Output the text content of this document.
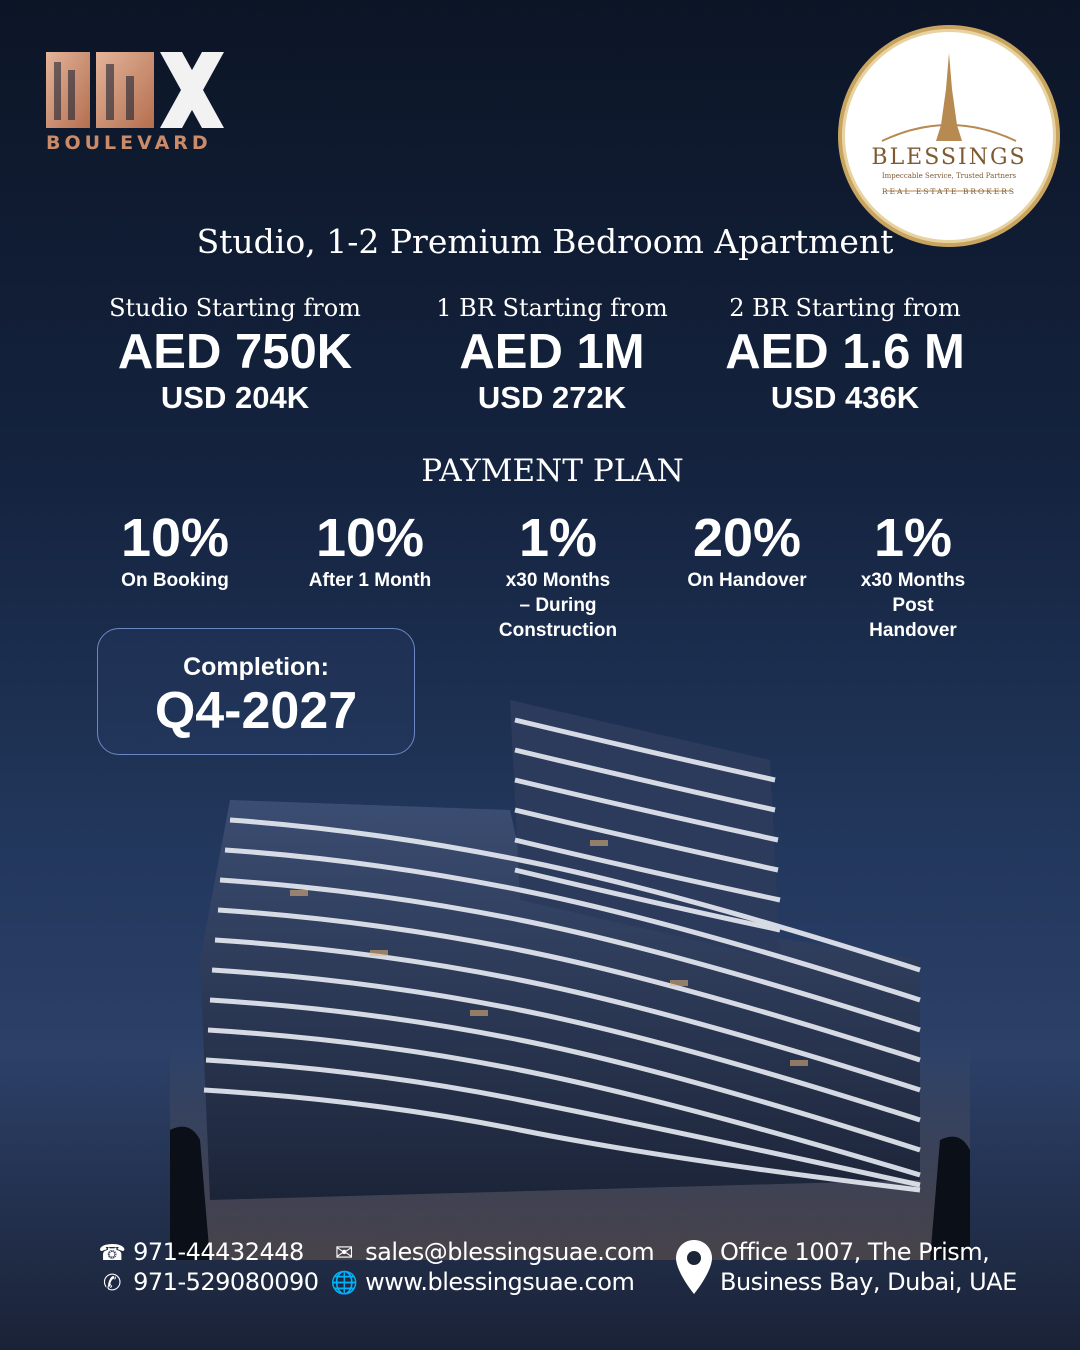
BOULEVARD
BLESSINGS
Impeccable Service, Trusted Partners
REAL ESTATE BROKERS
Studio, 1-2 Premium Bedroom Apartment
Studio Starting from
AED 750K
USD 204K
1 BR Starting from
AED 1M
USD 272K
2 BR Starting from
AED 1.6 M
USD 436K
PAYMENT PLAN
10%
On Booking
10%
After 1 Month
1%
x30 Months
– During
Construction
20%
On Handover
1%
x30 Months
Post
Handover
Completion:
Q4-2027
☎ 971-44432448
✆ 971-529080090
✉ sales@blessingsuae.com
🌐 www.blessingsuae.com
Office 1007, The Prism,
Business Bay, Dubai, UAE
